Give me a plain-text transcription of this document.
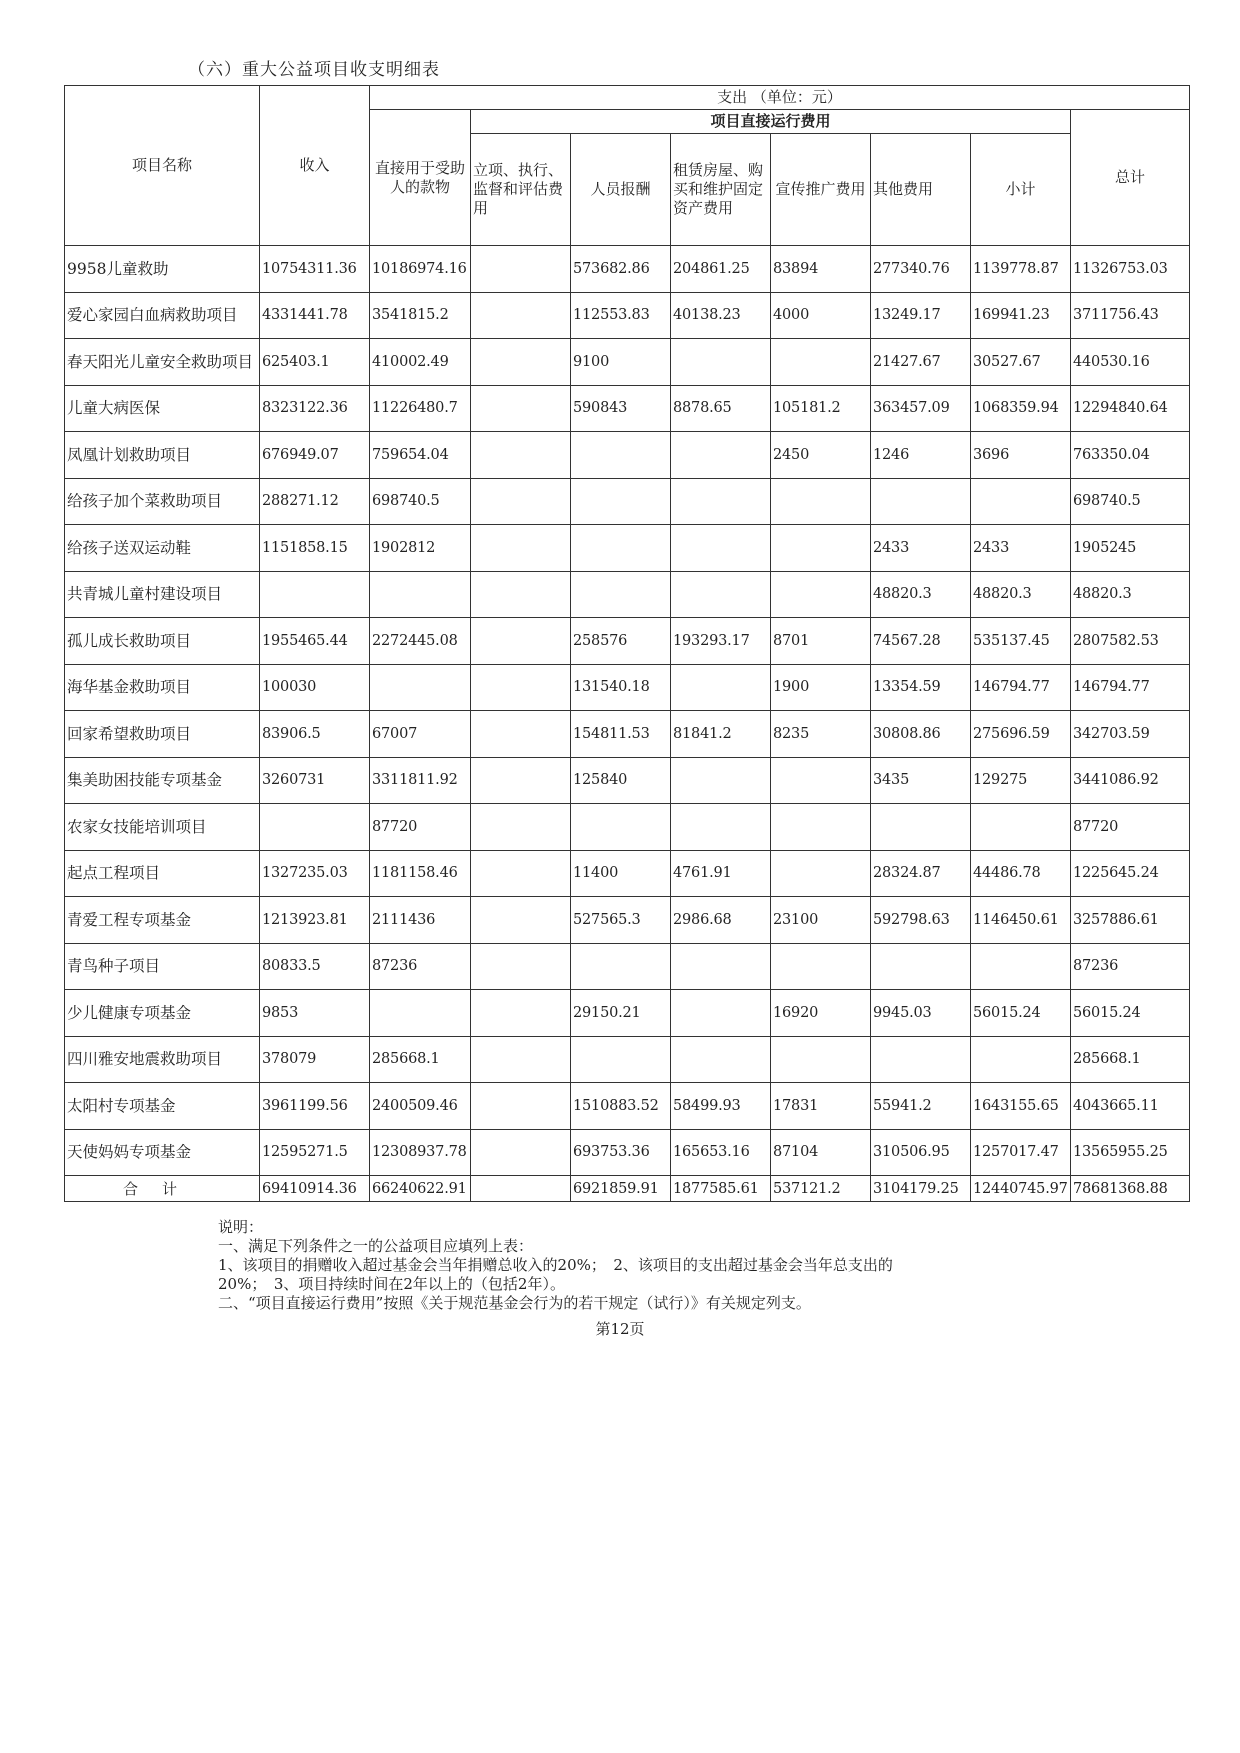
（六）重大公益项目收支明细表
项目名称	收入	支出 （单位：元）							
		直接用于受助人的款物	项目直接运行费用						总计
			立项、执行、监督和评估费用	人员报酬	租赁房屋、购买和维护固定资产费用	宣传推广费用	其他费用	小计	
9958儿童救助	10754311.36	10186974.16		573682.86	204861.25	83894	277340.76	1139778.87	11326753.03
爱心家园白血病救助项目	4331441.78	3541815.2		112553.83	40138.23	4000	13249.17	169941.23	3711756.43
春天阳光儿童安全救助项目	625403.1	410002.49		9100			21427.67	30527.67	440530.16
儿童大病医保	8323122.36	11226480.7		590843	8878.65	105181.2	363457.09	1068359.94	12294840.64
凤凰计划救助项目	676949.07	759654.04				2450	1246	3696	763350.04
给孩子加个菜救助项目	288271.12	698740.5							698740.5
给孩子送双运动鞋	1151858.15	1902812					2433	2433	1905245
共青城儿童村建设项目							48820.3	48820.3	48820.3
孤儿成长救助项目	1955465.44	2272445.08		258576	193293.17	8701	74567.28	535137.45	2807582.53
海华基金救助项目	100030			131540.18		1900	13354.59	146794.77	146794.77
回家希望救助项目	83906.5	67007		154811.53	81841.2	8235	30808.86	275696.59	342703.59
集美助困技能专项基金	3260731	3311811.92		125840			3435	129275	3441086.92
农家女技能培训项目		87720							87720
起点工程项目	1327235.03	1181158.46		11400	4761.91		28324.87	44486.78	1225645.24
青爱工程专项基金	1213923.81	2111436		527565.3	2986.68	23100	592798.63	1146450.61	3257886.61
青鸟种子项目	80833.5	87236							87236
少儿健康专项基金	9853			29150.21		16920	9945.03	56015.24	56015.24
四川雅安地震救助项目	378079	285668.1							285668.1
太阳村专项基金	3961199.56	2400509.46		1510883.52	58499.93	17831	55941.2	1643155.65	4043665.11
天使妈妈专项基金	12595271.5	12308937.78		693753.36	165653.16	87104	310506.95	1257017.47	13565955.25
合计	69410914.36	66240622.91		6921859.91	1877585.61	537121.2	3104179.25	12440745.97	78681368.88
说明：
一、满足下列条件之一的公益项目应填列上表：
1、该项目的捐赠收入超过基金会当年捐赠总收入的20%；　2、该项目的支出超过基金会当年总支出的
20%；　3、项目持续时间在2年以上的（包括2年）。
二、“项目直接运行费用”按照《关于规范基金会行为的若干规定（试行）》有关规定列支。
第12页
